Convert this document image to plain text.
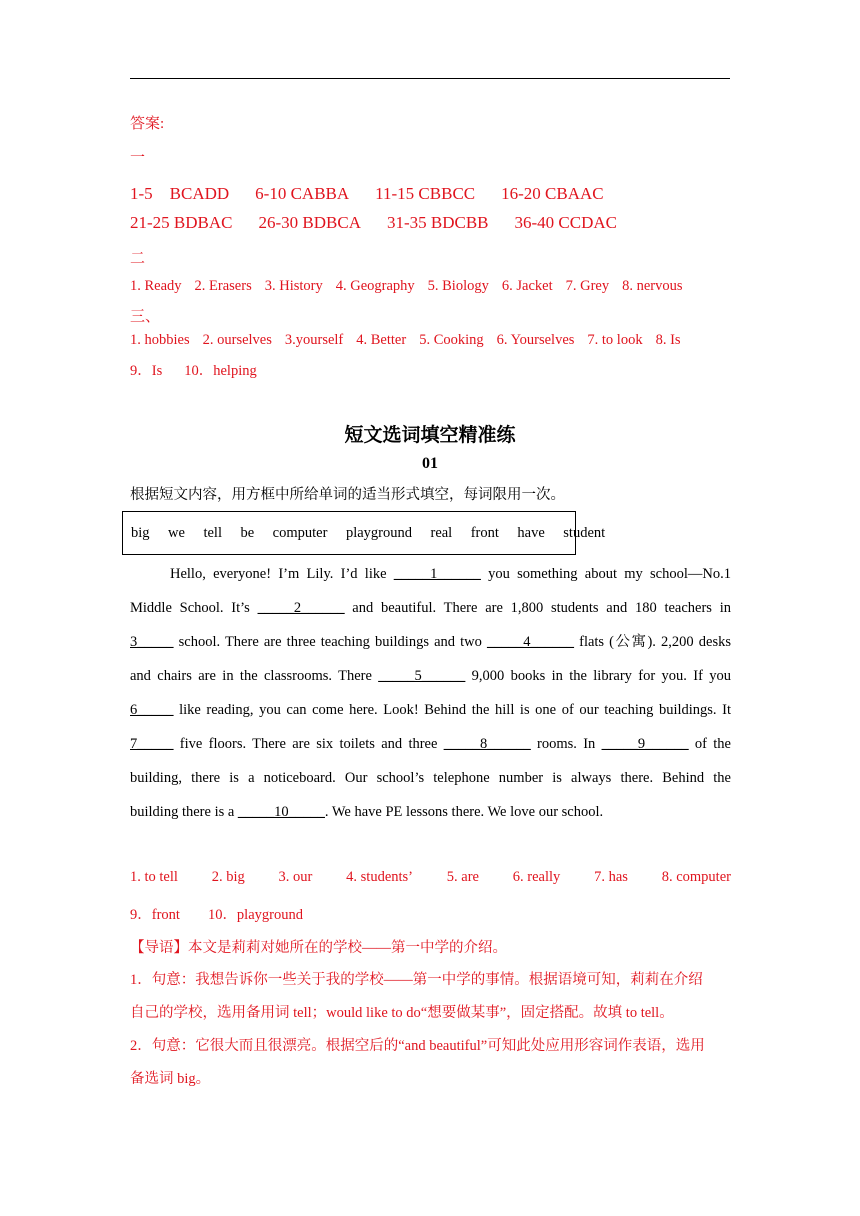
答案:
一
1-5　BCADD 6-10 CABBA 11-15 CBBCC 16-20 CBAAC
21-25 BDBAC 26-30 BDBCA 31-35 BDCBB 36-40 CCDAC
二
1. Ready 2. Erasers 3. History 4. Geography 5. Biology 6. Jacket 7. Grey 8. nervous
三、
1. hobbies 2. ourselves 3.yourself 4. Better 5. Cooking 6. Yourselves 7. to look 8. Is
9．Is 10．helping
短文选词填空精准练
01
根据短文内容，用方框中所给单词的适当形式填空，每词限用一次。
big we tell be computer playground real front have student
Hello, everyone! I’m Lily. I’d like _____1______ you something about my school—No.1
Middle School. It’s _____2______ and beautiful. There are 1,800 students and 180 teachers in
3_____ school. There are three teaching buildings and two _____4______ flats (公寓). 2,200 desks
and chairs are in the classrooms. There _____5______ 9,000 books in the library for you. If you
6_____ like reading, you can come here. Look! Behind the hill is one of our teaching buildings. It
7_____ five floors. There are six toilets and three _____8______ rooms. In _____9______ of the
building, there is a noticeboard. Our school’s telephone number is always there. Behind the
building there is a _____10_____. We have PE lessons there. We love our school.
1. to tell 2. big 3. our 4. students’ 5. are 6. really 7. has 8. computer
9．front 10．playground
【导语】本文是莉莉对她所在的学校——第一中学的介绍。
1．句意：我想告诉你一些关于我的学校——第一中学的事情。根据语境可知，莉莉在介绍
自己的学校，选用备用词 tell；would like to do“想要做某事”，固定搭配。故填 to tell。
2．句意：它很大而且很漂亮。根据空后的“and beautiful”可知此处应用形容词作表语，选用
备选词 big。
